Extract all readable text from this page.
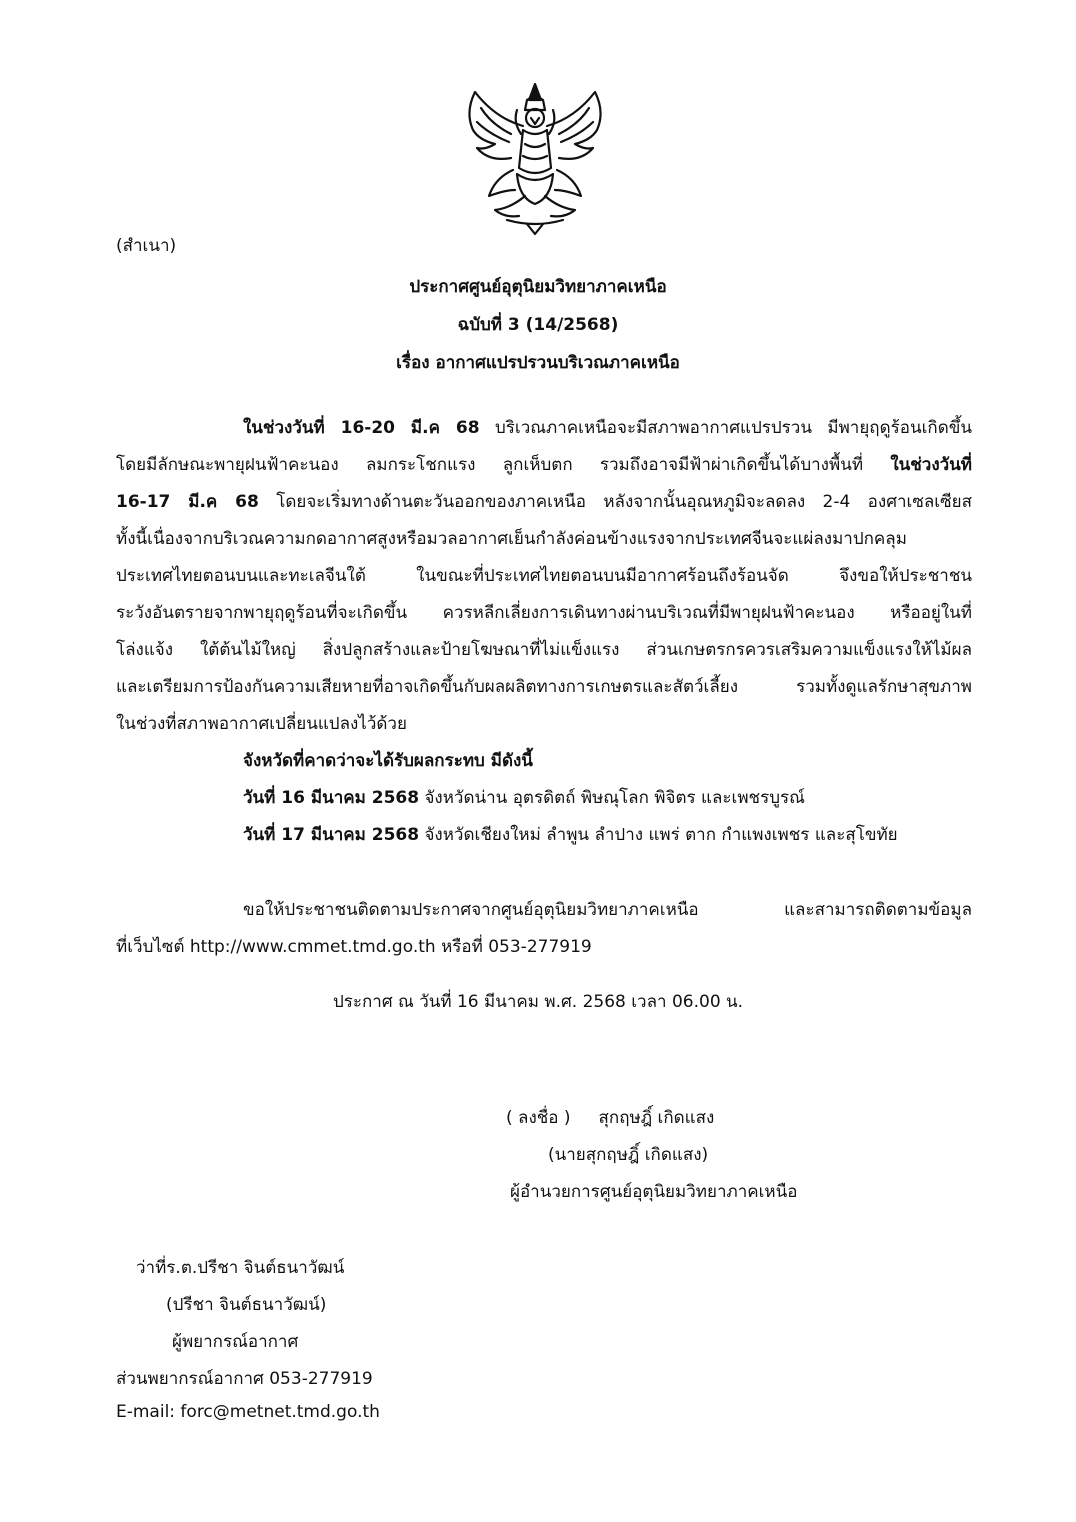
(สำเนา)
ประกาศศูนย์อุตุนิยมวิทยาภาคเหนือ
ฉบับที่ 3 (14/2568)
เรื่อง อากาศแปรปรวนบริเวณภาคเหนือ
ในช่วงวันที่ 16-20 มี.ค 68 บริเวณภาคเหนือจะมีสภาพอากาศแปรปรวน มีพายุฤดูร้อนเกิดขึ้น
โดยมีลักษณะพายุฝนฟ้าคะนอง ลมกระโชกแรง ลูกเห็บตก รวมถึงอาจมีฟ้าผ่าเกิดขึ้นได้บางพื้นที่ ในช่วงวันที่
16-17 มี.ค 68 โดยจะเริ่มทางด้านตะวันออกของภาคเหนือ หลังจากนั้นอุณหภูมิจะลดลง 2-4 องศาเซลเซียส
ทั้งนี้เนื่องจากบริเวณความกดอากาศสูงหรือมวลอากาศเย็นกำลังค่อนข้างแรงจากประเทศจีนจะแผ่ลงมาปกคลุม
ประเทศไทยตอนบนและทะเลจีนใต้ ในขณะที่ประเทศไทยตอนบนมีอากาศร้อนถึงร้อนจัด จึงขอให้ประชาชน
ระวังอันตรายจากพายุฤดูร้อนที่จะเกิดขึ้น ควรหลีกเลี่ยงการเดินทางผ่านบริเวณที่มีพายุฝนฟ้าคะนอง หรืออยู่ในที่
โล่งแจ้ง ใต้ต้นไม้ใหญ่ สิ่งปลูกสร้างและป้ายโฆษณาที่ไม่แข็งแรง ส่วนเกษตรกรควรเสริมความแข็งแรงให้ไม้ผล
และเตรียมการป้องกันความเสียหายที่อาจเกิดขึ้นกับผลผลิตทางการเกษตรและสัตว์เลี้ยง รวมทั้งดูแลรักษาสุขภาพ
ในช่วงที่สภาพอากาศเปลี่ยนแปลงไว้ด้วย
จังหวัดที่คาดว่าจะได้รับผลกระทบ มีดังนี้
วันที่ 16 มีนาคม 2568 จังหวัดน่าน อุตรดิตถ์ พิษณุโลก พิจิตร และเพชรบูรณ์
วันที่ 17 มีนาคม 2568 จังหวัดเชียงใหม่ ลำพูน ลำปาง แพร่ ตาก กำแพงเพชร และสุโขทัย
ขอให้ประชาชนติดตามประกาศจากศูนย์อุตุนิยมวิทยาภาคเหนือ และสามารถติดตามข้อมูล
ที่เว็บไซต์ http://www.cmmet.tmd.go.th หรือที่ 053-277919
ประกาศ ณ วันที่ 16 มีนาคม พ.ศ. 2568 เวลา 06.00 น.
( ลงชื่อ ) สุกฤษฎิ์ เกิดแสง
(นายสุกฤษฎิ์ เกิดแสง)
ผู้อำนวยการศูนย์อุตุนิยมวิทยาภาคเหนือ
ว่าที่ร.ต.ปรีชา จินต์ธนาวัฒน์
(ปรีชา จินต์ธนาวัฒน์)
ผู้พยากรณ์อากาศ
ส่วนพยากรณ์อากาศ 053-277919
E-mail: forc@metnet.tmd.go.th
